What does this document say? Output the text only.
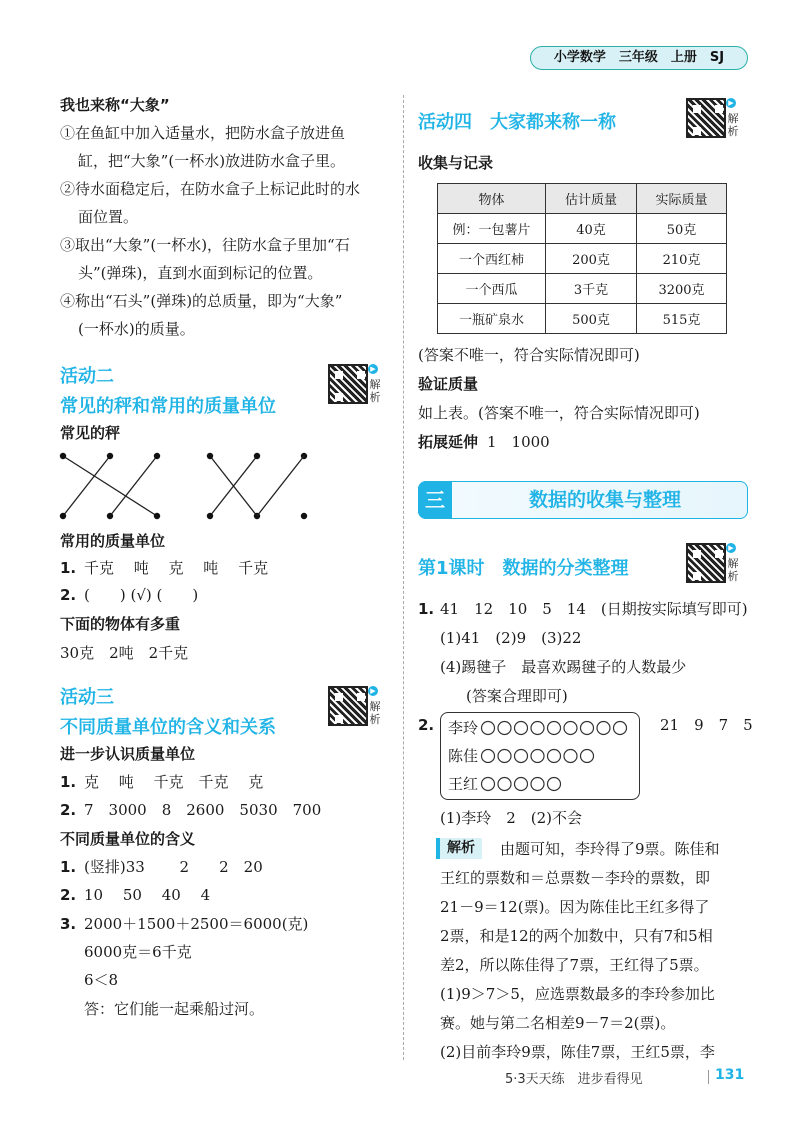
小学数学　三年级　上册　SJ
我也来称“大象”
①在鱼缸中加入适量水，把防水盒子放进鱼
缸，把“大象”(一杯水)放进防水盒子里。
②待水面稳定后，在防水盒子上标记此时的水
面位置。
③取出“大象”(一杯水)，往防水盒子里加“石
头”(弹珠)，直到水面到标记的位置。
④称出“石头”(弹珠)的总质量，即为“大象”
(一杯水)的质量。
活动二
常见的秤和常用的质量单位
▶
解析
常见的秤
常用的质量单位
1. 千克　 吨　 克　 吨　 千克
2. (　　) (√) (　　)
下面的物体有多重
30克　2吨　2千克
活动三
不同质量单位的含义和关系
▶
解析
进一步认识质量单位
1. 克　 吨　 千克　千克　 克
2. 7　3000　8　2600　5030　700
不同质量单位的含义
1. (竖排)33　　 2　　2　20
2. 10　 50　 40　 4
3. 2000＋1500＋2500＝6000(克)
6000克＝6千克
6＜8
答：它们能一起乘船过河。
活动四　大家都来称一称
▶
解析
收集与记录
物体	估计质量	实际质量
例：一包薯片	40克	50克
一个西红柿	200克	210克
一个西瓜	3千克	3200克
一瓶矿泉水	500克	515克
(答案不唯一，符合实际情况即可)
验证质量
如上表。(答案不唯一，符合实际情况即可)
拓展延伸 1　1000
三	数据的收集与整理
第1课时　数据的分类整理
▶
解析
1. 41　12　10　5　14　(日期按实际填写即可)
(1)41　(2)9　(3)22
(4)踢毽子　最喜欢踢毽子的人数最少
(答案合理即可)
2. 李玲
陈佳
王红
21　9　7　5
(1)李玲　2　(2)不会
解析	由题可知，李玲得了9票。陈佳和
王红的票数和＝总票数－李玲的票数，即
21－9＝12(票)。因为陈佳比王红多得了
2票，和是12的两个加数中，只有7和5相
差2，所以陈佳得了7票，王红得了5票。
(1)9＞7＞5，应选票数最多的李玲参加比
赛。她与第二名相差9－7＝2(票)。
(2)目前李玲9票，陈佳7票，王红5票，李
5·3天天练　进步看得见	131
